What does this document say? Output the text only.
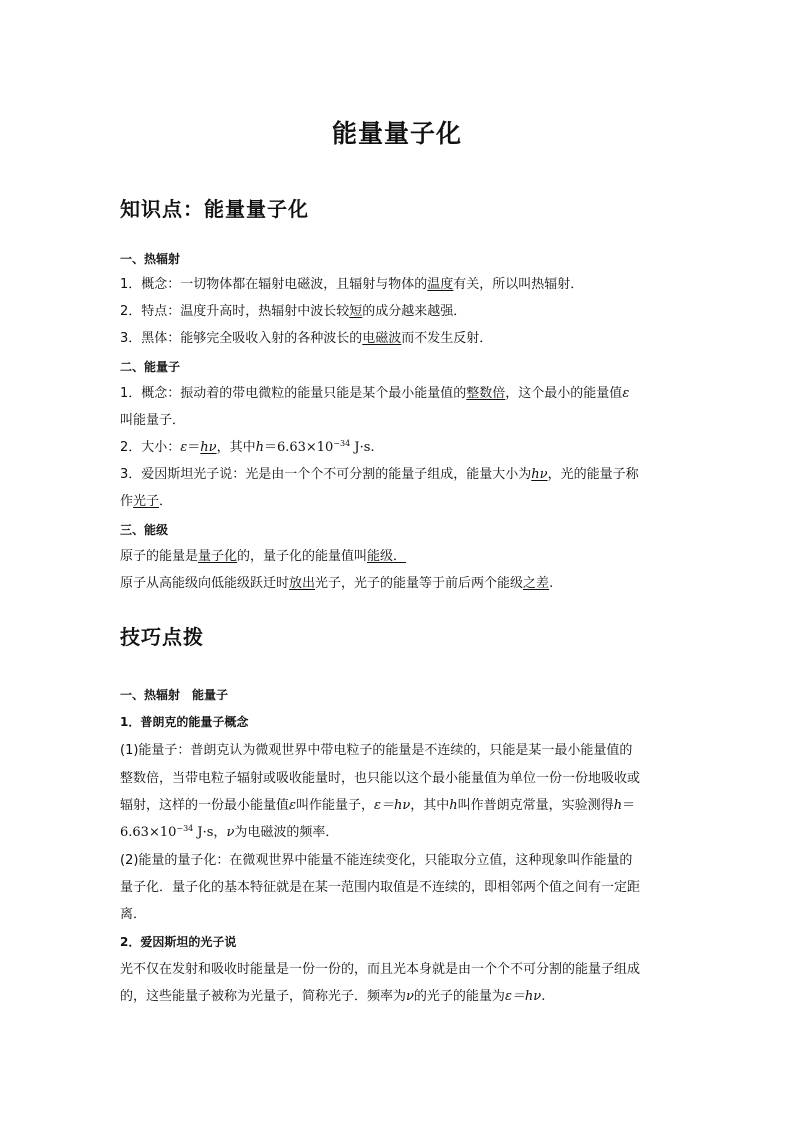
能量量子化
知识点：能量量子化
一、热辐射
1．概念：一切物体都在辐射电磁波，且辐射与物体的温度有关，所以叫热辐射．
2．特点：温度升高时，热辐射中波长较短的成分越来越强．
3．黑体：能够完全吸收入射的各种波长的电磁波而不发生反射．
二、能量子
1．概念：振动着的带电微粒的能量只能是某个最小能量值的整数倍，这个最小的能量值ε
叫能量子．
2．大小：ε＝hν，其中$h=6.63\times 10^{-34}$ J·s.
3．爱因斯坦光子说：光是由一个个不可分割的能量子组成，能量大小为hν，光的能量子称
作光子．
三、能级
原子的能量是量子化的，量子化的能量值叫能级．
原子从高能级向低能级跃迁时放出光子，光子的能量等于前后两个能级之差.
技巧点拨
一、热辐射　能量子
1．普朗克的能量子概念
(1)能量子：普朗克认为微观世界中带电粒子的能量是不连续的，只能是某一最小能量值的
整数倍，当带电粒子辐射或吸收能量时，也只能以这个最小能量值为单位一份一份地吸收或
辐射，这样的一份最小能量值ε叫作能量子，ε＝hν，其中h叫作普朗克常量，实验测得h＝
$6.63\times 10^{-34}$ J·s，ν为电磁波的频率．
(2)能量的量子化：在微观世界中能量不能连续变化，只能取分立值，这种现象叫作能量的
量子化．量子化的基本特征就是在某一范围内取值是不连续的，即相邻两个值之间有一定距
离．
2．爱因斯坦的光子说
光不仅在发射和吸收时能量是一份一份的，而且光本身就是由一个个不可分割的能量子组成
的，这些能量子被称为光量子，简称光子．频率为ν的光子的能量为ε＝hν.
